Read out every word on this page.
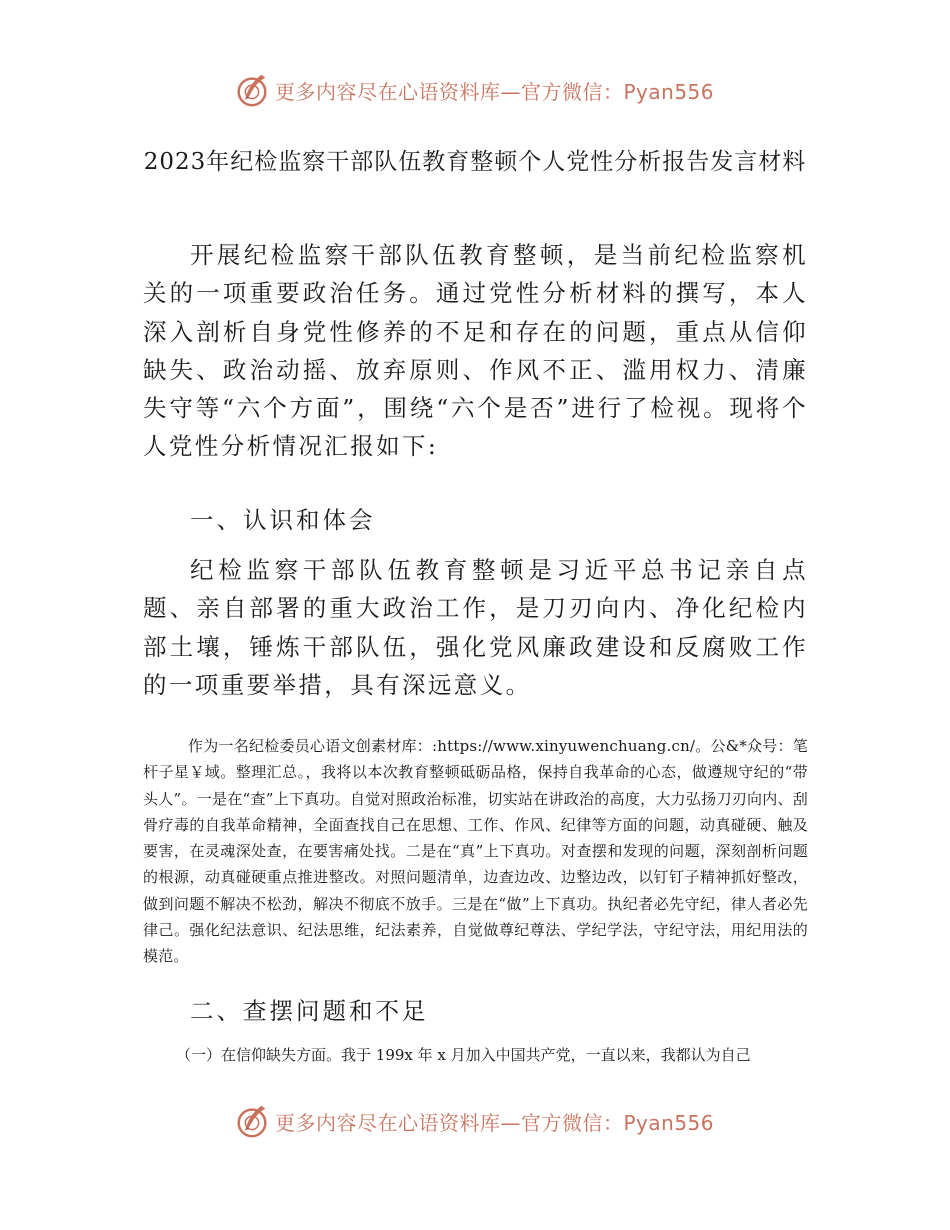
更多内容尽在心语资料库—官方微信：Pyan556
2023年纪检监察干部队伍教育整顿个人党性分析报告发言材料
开展纪检监察干部队伍教育整顿，是当前纪检监察机关的一项重要政治任务。通过党性分析材料的撰写，本人深入剖析自身党性修养的不足和存在的问题，重点从信仰缺失、政治动摇、放弃原则、作风不正、滥用权力、清廉失守等“六个方面”，围绕“六个是否”进行了检视。现将个人党性分析情况汇报如下:
一、认识和体会
纪检监察干部队伍教育整顿是习近平总书记亲自点题、亲自部署的重大政治工作，是刀刃向内、净化纪检内部土壤，锤炼干部队伍，强化党风廉政建设和反腐败工作的一项重要举措，具有深远意义。
作为一名纪检委员心语文创素材库：:https://www.xinyuwenchuang.cn/。公&*众号：笔杆子星￥域。整理汇总。，我将以本次教育整顿砥砺品格，保持自我革命的心态，做遵规守纪的“带头人”。一是在“查”上下真功。自觉对照政治标准，切实站在讲政治的高度，大力弘扬刀刃向内、刮骨疗毒的自我革命精神，全面查找自己在思想、工作、作风、纪律等方面的问题，动真碰硬、触及要害，在灵魂深处查，在要害痛处找。二是在“真”上下真功。对查摆和发现的问题，深刻剖析问题的根源，动真碰硬重点推进整改。对照问题清单，边查边改、边整边改，以钉钉子精神抓好整改，做到问题不解决不松劲，解决不彻底不放手。三是在“做”上下真功。执纪者必先守纪，律人者必先律己。强化纪法意识、纪法思维，纪法素养，自觉做尊纪尊法、学纪学法，守纪守法，用纪用法的模范。
二、查摆问题和不足
（一）在信仰缺失方面。我于 199x 年 x 月加入中国共产党，一直以来，我都认为自己
更多内容尽在心语资料库—官方微信：Pyan556
